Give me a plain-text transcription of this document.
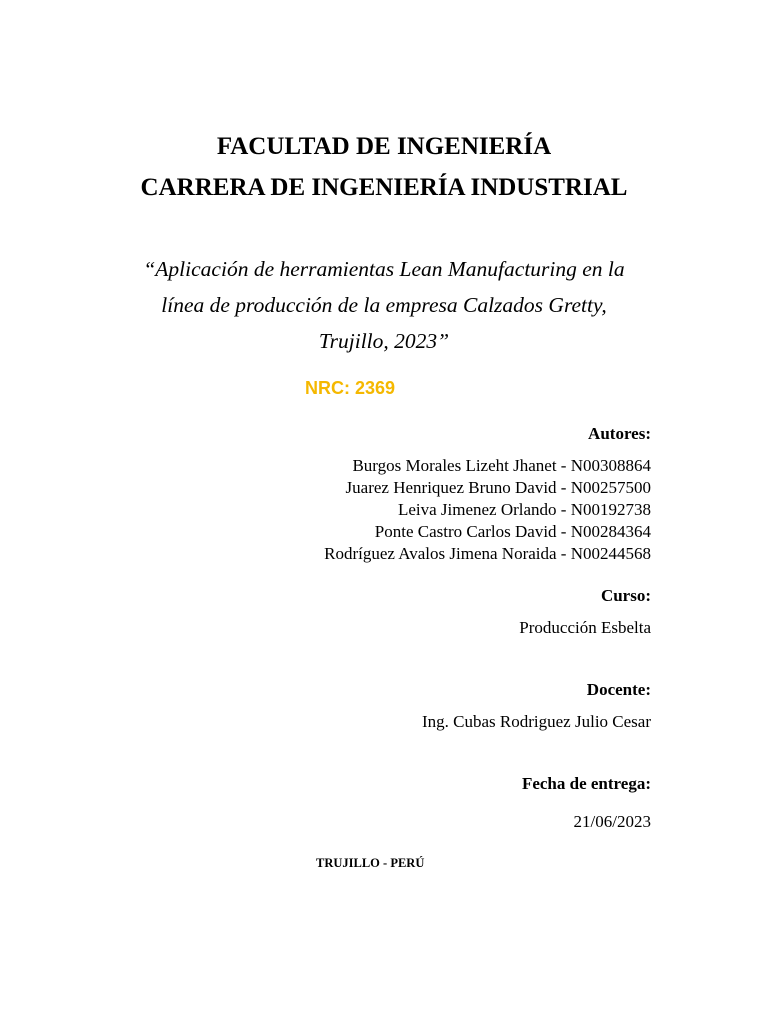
FACULTAD DE INGENIERÍA
CARRERA DE INGENIERÍA INDUSTRIAL

“Aplicación de herramientas Lean Manufacturing en la
línea de producción de la empresa Calzados Gretty,
Trujillo, 2023”

NRC: 2369
Autores:
Burgos Morales Lizeht Jhanet - N00308864
Juarez Henriquez Bruno David - N00257500
Leiva Jimenez Orlando - N00192738
Ponte Castro Carlos David - N00284364
Rodríguez Avalos Jimena Noraida - N00244568
Curso:
Producción Esbelta
Docente:
Ing. Cubas Rodriguez Julio Cesar
Fecha de entrega:
21/06/2023
TRUJILLO - PERÚ
